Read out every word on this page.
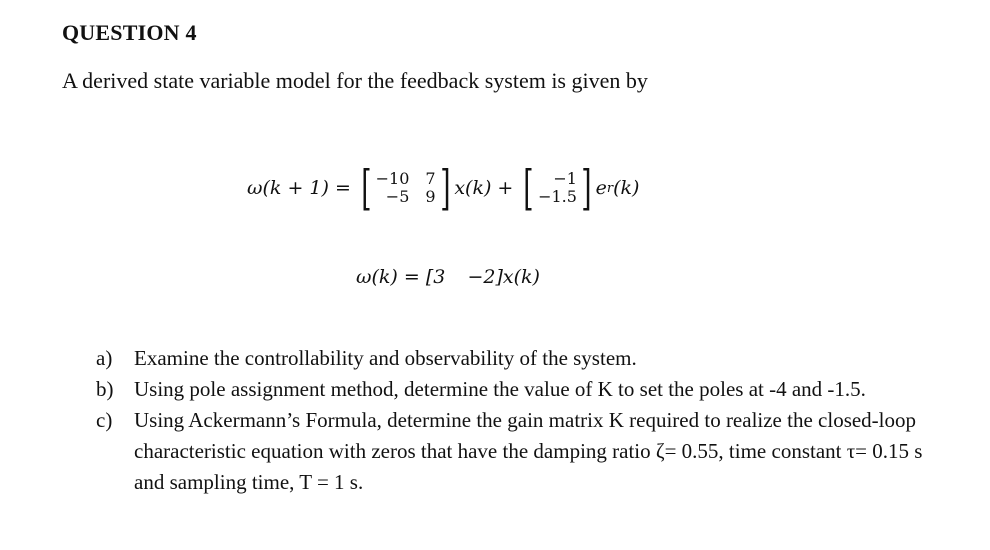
QUESTION 4
A derived state variable model for the feedback system is given by
ω(k + 1) = [ −10 7
−5 9 ] x(k) + [	−1
−1.5 ] e r (k)
ω(k) = [3 −2]x(k)
a)	Examine the controllability and observability of the system.
b) Using pole assignment method, determine the value of K to set the poles at -4 and -1.5.
c)	Using Ackermann’s Formula, determine the gain matrix K required to realize the closed-loop characteristic equation with zeros that have the damping ratio ζ= 0.55, time constant τ= 0.15 s and sampling time, T = 1 s.
